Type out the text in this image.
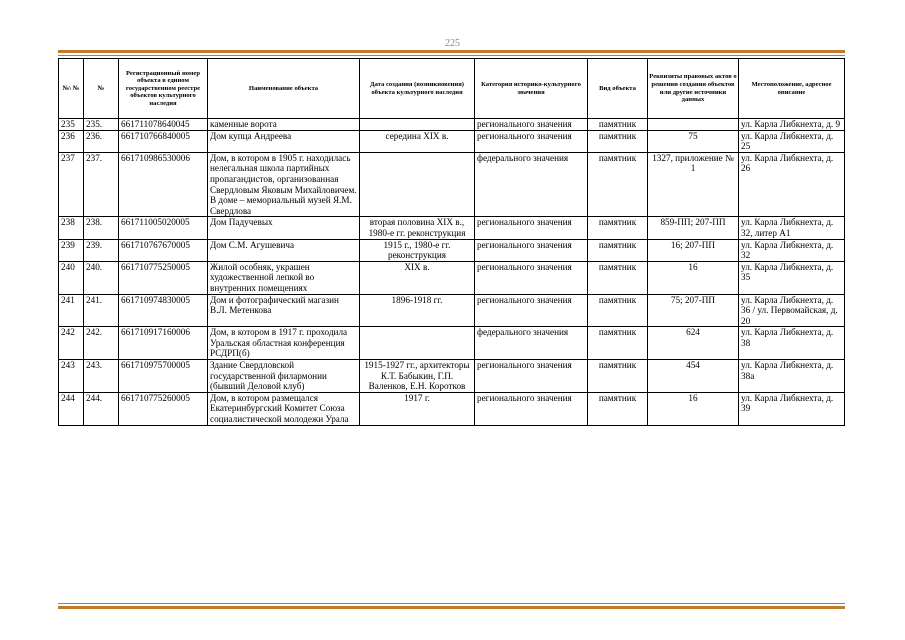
225
№\ №	№	Регистрационный номер объекта в едином государственном реестре объектов культурного наследия	Наименование объекта	Дата создания (возникновения) объекта культурного наследия	Категория историко-культурного значения	Вид объекта	Реквизиты правовых актов о решении создания объектов или другие источники данных	Местоположение, адресное описание
235	235.	661711078640045	каменные ворота		регионального значения	памятник		ул. Карла Либкнехта, д. 9
236	236.	661710766840005	Дом купца Андреева	середина XIX в.	регионального значения	памятник	75	ул. Карла Либкнехта, д. 25
237	237.	661710986530006	Дом, в котором в 1905 г. находилась нелегальная школа партийных пропагандистов, организованная Свердловым Яковым Михайловичем. В доме – мемориальный музей Я.М. Свердлова		федерального значения	памятник	1327, приложение № 1	ул. Карла Либкнехта, д. 26
238	238.	661711005020005	Дом Падучевых	вторая половина XIX в., 1980-е гг. реконструкция	регионального значения	памятник	859-ПП; 207-ПП	ул. Карла Либкнехта, д. 32, литер А1
239	239.	661710767670005	Дом С.М. Агушевича	1915 г., 1980-е гг. реконструкция	регионального значения	памятник	16; 207-ПП	ул. Карла Либкнехта, д. 32
240	240.	661710775250005	Жилой особняк, украшен художественной лепкой во внутренних помещениях	XIX в.	регионального значения	памятник	16	ул. Карла Либкнехта, д. 35
241	241.	661710974830005	Дом и фотографический магазин В.Л. Метенкова	1896-1918 гг.	регионального значения	памятник	75; 207-ПП	ул. Карла Либкнехта, д. 36 / ул. Первомайская, д. 20
242	242.	661710917160006	Дом, в котором в 1917 г. проходила Уральская областная конференция РСДРП(б)		федерального значения	памятник	624	ул. Карла Либкнехта, д. 38
243	243.	661710975700005	Здание Свердловской государственной филармонии (бывший Деловой клуб)	1915-1927 гг., архитекторы К.Т. Бабыкин, Г.П. Валенков, Е.Н. Коротков	регионального значения	памятник	454	ул. Карла Либкнехта, д. 38а
244	244.	661710775260005	Дом, в котором размещался Екатеринбургский Комитет Союза социалистической молодежи Урала	1917 г.	регионального значения	памятник	16	ул. Карла Либкнехта, д. 39
